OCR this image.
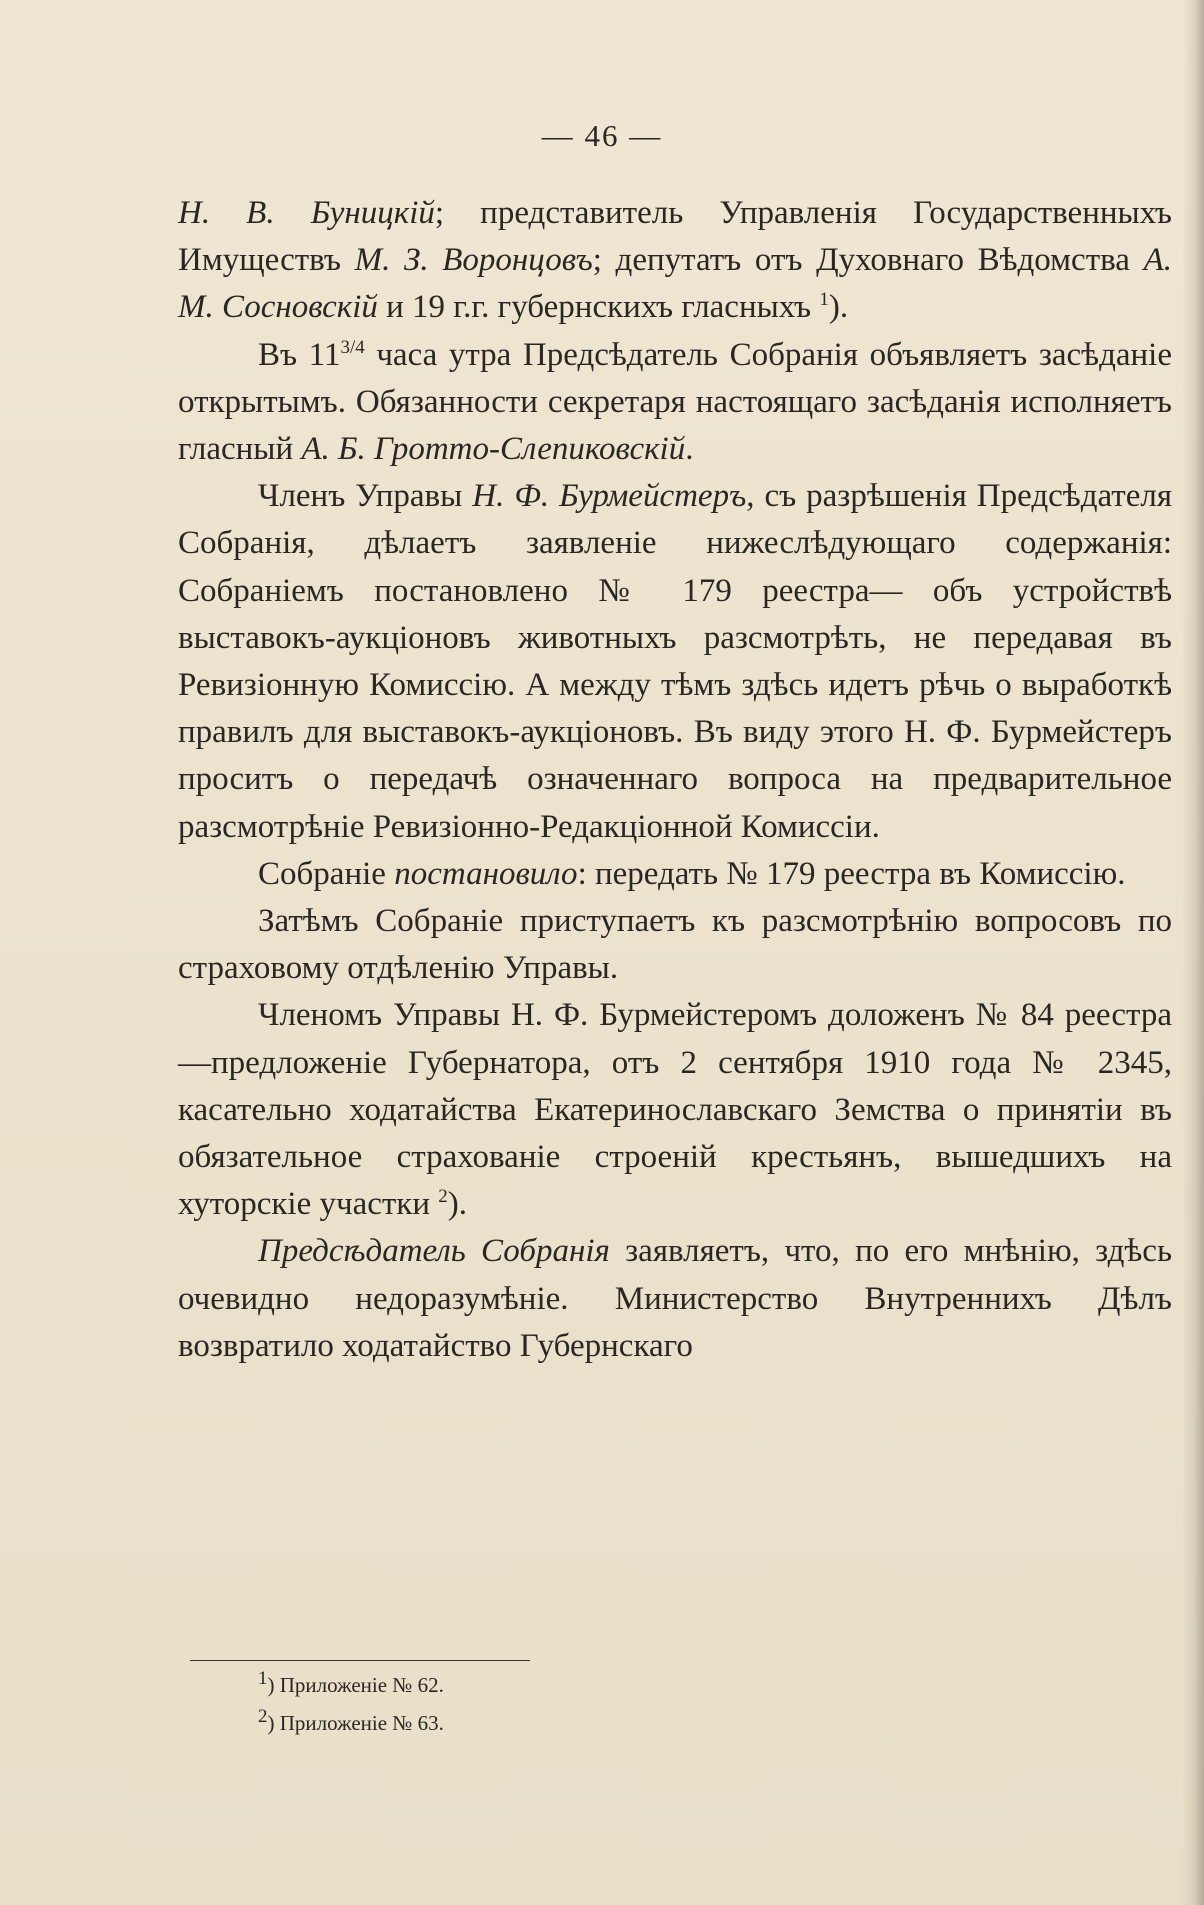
— 46 —

Н. В. Буницкій; представитель Управленія Государственныхъ Имуществъ М. З. Воронцовъ; депутатъ отъ Духовнаго Вѣдомства А. М. Сосновскій и 19 г.г. губернскихъ гласныхъ $^1$).

Въ $11^{3/4}$ часа утра Предсѣдатель Собранія объявляетъ засѣданіе открытымъ. Обязанности секретаря настоящаго засѣданія исполняетъ гласный А. Б. Гротто-Слепиковскій.

Членъ Управы Н. Ф. Бурмейстеръ, съ разрѣшенія Предсѣдателя Собранія, дѣлаетъ заявленіе нижеслѣдующаго содержанія: Собраніемъ постановлено № 179 реестра— объ устройствѣ выставокъ-аукціоновъ животныхъ разсмотрѣть, не передавая въ Ревизіонную Комиссію. А между тѣмъ здѣсь идетъ рѣчь о выработкѣ правилъ для выставокъ-аукціоновъ. Въ виду этого Н. Ф. Бурмейстеръ проситъ о передачѣ означеннаго вопроса на предварительное разсмотрѣніе Ревизіонно-Редакціонной Комиссіи.

Собраніе постановило: передать № 179 реестра въ Комиссію.

Затѣмъ Собраніе приступаетъ къ разсмотрѣнію вопросовъ по страховому отдѣленію Управы.

Членомъ Управы Н. Ф. Бурмейстеромъ доложенъ № 84 реестра—предложеніе Губернатора, отъ 2 сентября 1910 года № 2345, касательно ходатайства Екатеринославскаго Земства о принятіи въ обязательное страхованіе строеній крестьянъ, вышедшихъ на хуторскіе участки $^2$).

Предсѣдатель Собранія заявляетъ, что, по его мнѣнію, здѣсь очевидно недоразумѣніе. Министерство Внутреннихъ Дѣлъ возвратило ходатайство Губернскаго

$^1$) Приложеніе № 62.
$^2$) Приложеніе № 63.
